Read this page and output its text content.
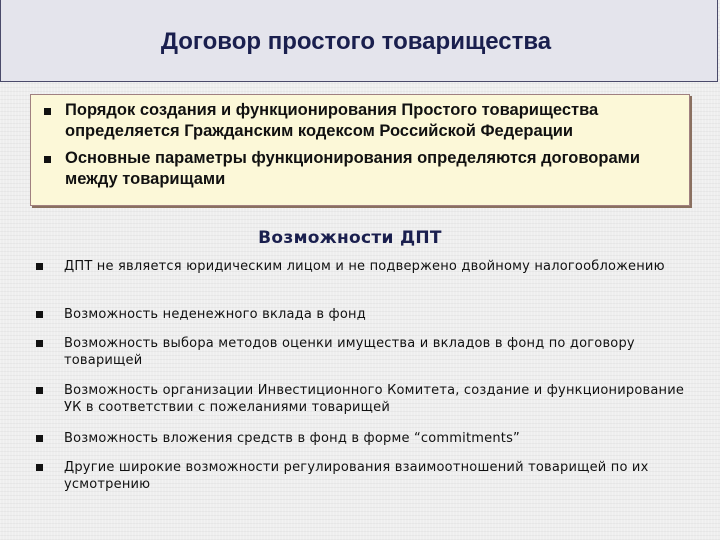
Договор простого товарищества
Порядок создания и функционирования Простого товарищества определяется Гражданским кодексом Российской Федерации
Основные параметры функционирования определяются договорами между товарищами
Возможности ДПТ
ДПТ не является юридическим лицом и не подвержено двойному налогообложению
Возможность неденежного вклада в фонд
Возможность выбора методов оценки имущества и вкладов в фонд по договору товарищей
Возможность организации Инвестиционного Комитета, создание и функционирование УК в соответствии с пожеланиями товарищей
Возможность вложения средств в фонд в форме “commitments”
Другие широкие возможности регулирования взаимоотношений товарищей по их усмотрению
